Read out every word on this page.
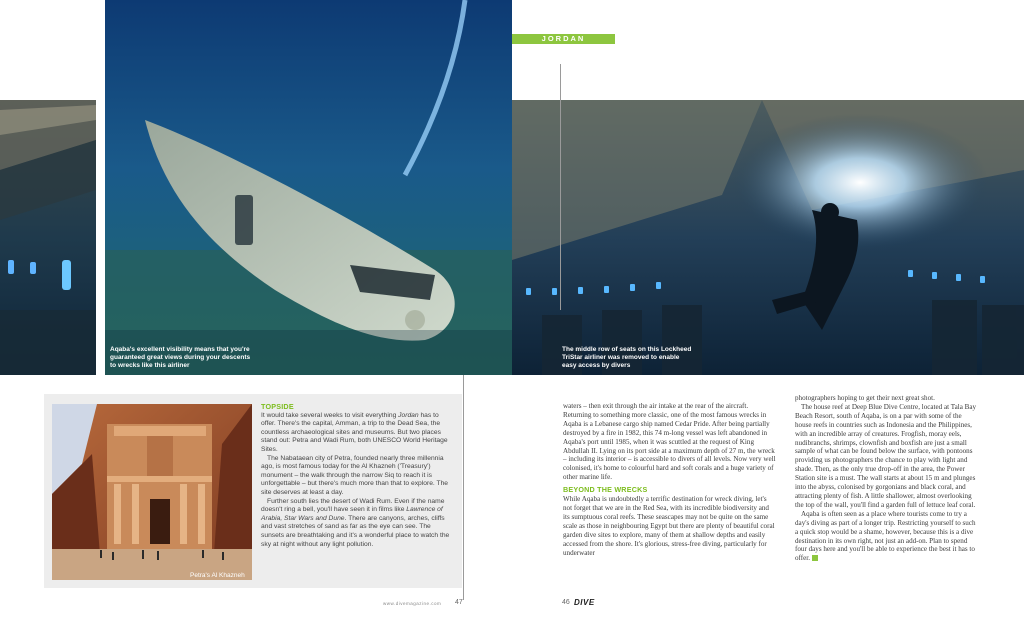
Aqaba's excellent visibility means that you're
guaranteed great views during your descents
to wrecks like this airliner
JORDAN
The middle row of seats on this Lockheed
TriStar airliner was removed to enable
easy access by divers
Petra's Al Khazneh
TOPSIDE

It would take several weeks to visit everything Jordan has to offer. There's the capital, Amman, a trip to the Dead Sea, the countless archaeological sites and museums. But two places stand out: Petra and Wadi Rum, both UNESCO World Heritage Sites.

The Nabataean city of Petra, founded nearly three millennia ago, is most famous today for the Al Khazneh ('Treasury') monument – the walk through the narrow Siq to reach it is unforgettable – but there's much more than that to explore. The site deserves at least a day.

Further south lies the desert of Wadi Rum. Even if the name doesn't ring a bell, you'll have seen it in films like Lawrence of Arabia, Star Wars and Dune. There are canyons, arches, cliffs and vast stretches of sand as far as the eye can see. The sunsets are breathtaking and it's a wonderful place to watch the sky at night without any light pollution.

waters – then exit through the air intake at the rear of the aircraft. Returning to something more classic, one of the most famous wrecks in Aqaba is a Lebanese cargo ship named Cedar Pride. After being partially destroyed by a fire in 1982, this 74 m-long vessel was left abandoned in Aqaba's port until 1985, when it was scuttled at the request of King Abdullah II. Lying on its port side at a maximum depth of 27 m, the wreck – including its interior – is accessible to divers of all levels. Now very well colonised, it's home to colourful hard and soft corals and a huge variety of other marine life.

BEYOND THE WRECKS

While Aqaba is undoubtedly a terrific destination for wreck diving, let's not forget that we are in the Red Sea, with its incredible biodiversity and its sumptuous coral reefs. These seascapes may not be quite on the same scale as those in neighbouring Egypt but there are plenty of beautiful coral garden dive sites to explore, many of them at shallow depths and easily accessed from the shore. It's glorious, stress-free diving, particularly for underwater

photographers hoping to get their next great shot.

The house reef at Deep Blue Dive Centre, located at Tala Bay Beach Resort, south of Aqaba, is on a par with some of the house reefs in countries such as Indonesia and the Philippines, with an incredible array of creatures. Frogfish, moray eels, nudibranchs, shrimps, clownfish and boxfish are just a small sample of what can be found below the surface, with pontoons providing us photographers the chance to play with light and shade. Then, as the only true drop-off in the area, the Power Station site is a must. The wall starts at about 15 m and plunges into the abyss, colonised by gorgonians and black coral, and attracting plenty of fish. A little shallower, almost overlooking the top of the wall, you'll find a garden full of lettuce leaf coral.

Aqaba is often seen as a place where tourists come to try a day's diving as part of a longer trip. Restricting yourself to such a quick stop would be a shame, however, because this is a dive destination in its own right, not just an add-on. Plan to spend four days here and you'll be able to experience the best it has to offer.

www.divemagazine.com 47	46 DIVE
